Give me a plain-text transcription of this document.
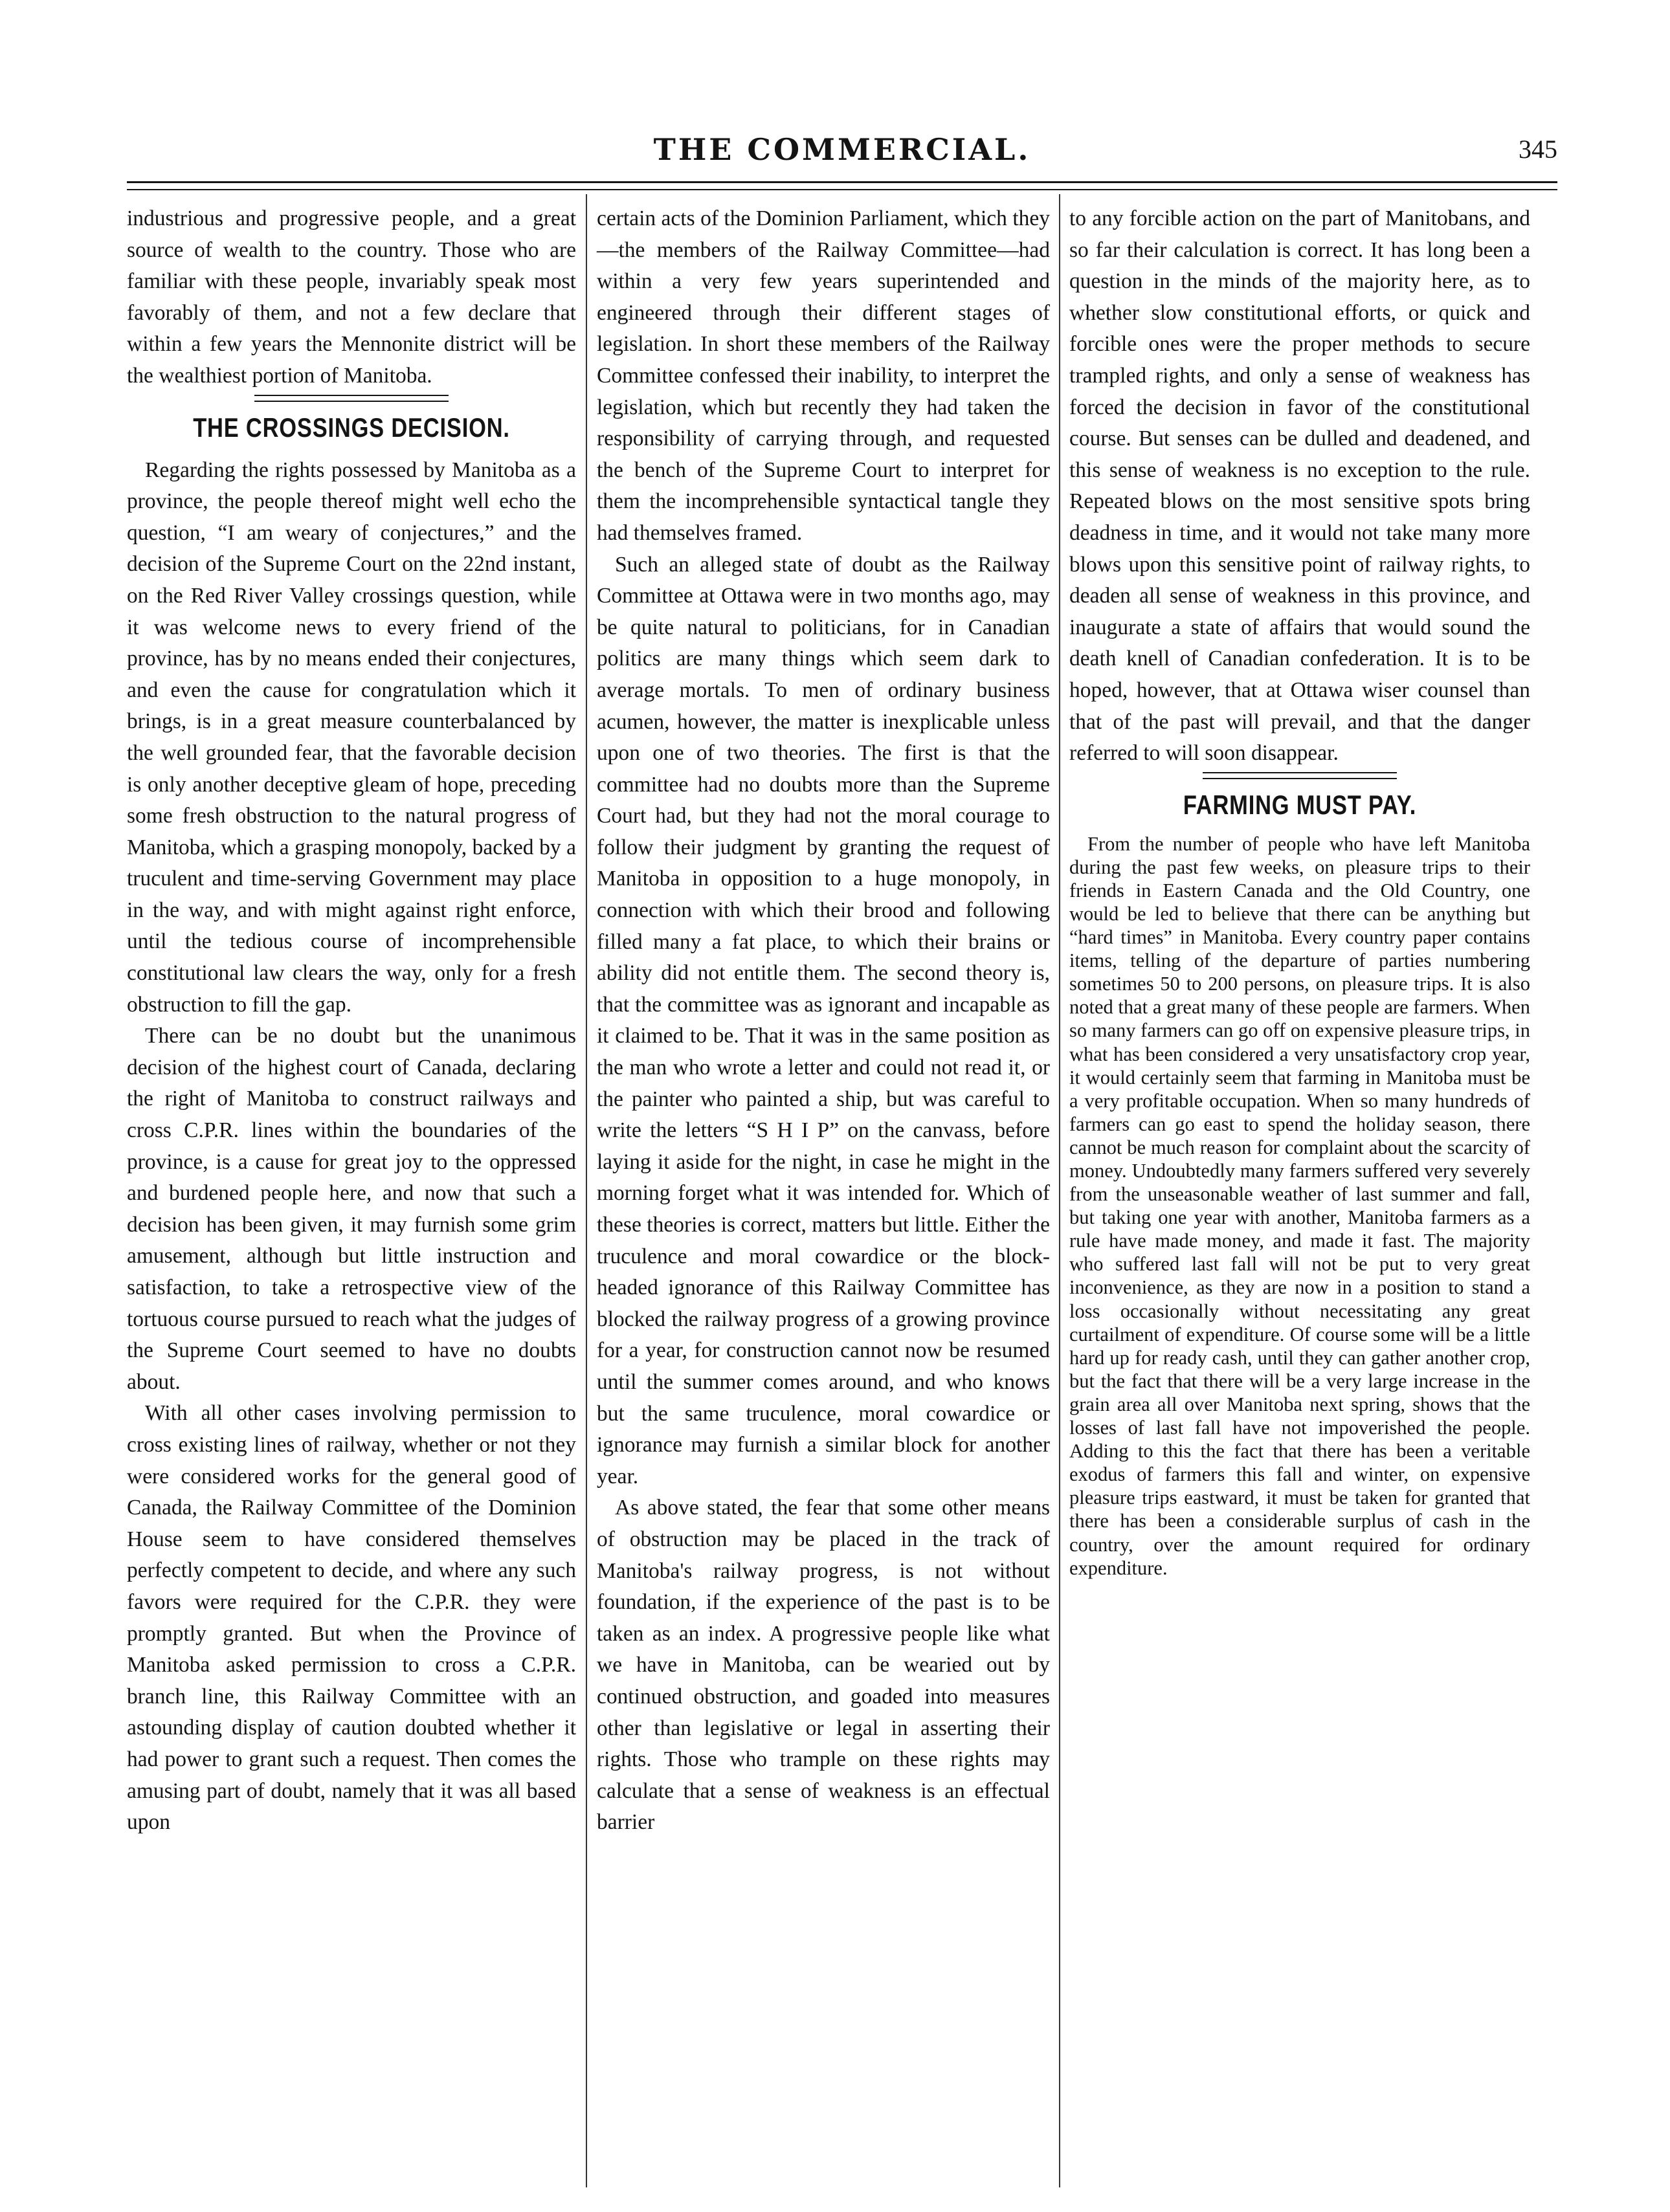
THE COMMERCIAL.	345

industrious and progressive people, and a great source of wealth to the country. Those who are familiar with these people, invariably speak most favorably of them, and not a few declare that within a few years the Mennonite district will be the wealthiest portion of Manitoba.

THE CROSSINGS DECISION.

Regarding the rights possessed by Manitoba as a province, the people thereof might well echo the question, “I am weary of conjectures,” and the decision of the Supreme Court on the 22nd instant, on the Red River Valley crossings question, while it was welcome news to every friend of the province, has by no means ended their conjectures, and even the cause for congratulation which it brings, is in a great measure counterbalanced by the well grounded fear, that the favorable decision is only another deceptive gleam of hope, preceding some fresh obstruction to the natural progress of Manitoba, which a grasping monopoly, backed by a truculent and time-serving Government may place in the way, and with might against right enforce, until the tedious course of incomprehensible constitutional law clears the way, only for a fresh obstruction to fill the gap.

There can be no doubt but the unanimous decision of the highest court of Canada, declaring the right of Manitoba to construct railways and cross C.P.R. lines within the boundaries of the province, is a cause for great joy to the oppressed and burdened people here, and now that such a decision has been given, it may furnish some grim amusement, although but little instruction and satisfaction, to take a retrospective view of the tortuous course pursued to reach what the judges of the Supreme Court seemed to have no doubts about.

With all other cases involving permission to cross existing lines of railway, whether or not they were considered works for the general good of Canada, the Railway Committee of the Dominion House seem to have considered themselves perfectly competent to decide, and where any such favors were required for the C.P.R. they were promptly granted. But when the Province of Manitoba asked permission to cross a C.P.R. branch line, this Railway Committee with an astounding display of caution doubted whether it had power to grant such a request. Then comes the amusing part of doubt, namely that it was all based upon

certain acts of the Dominion Parliament, which they—the members of the Railway Committee—had within a very few years superintended and engineered through their different stages of legislation. In short these members of the Railway Committee confessed their inability, to interpret the legislation, which but recently they had taken the responsibility of carrying through, and requested the bench of the Supreme Court to interpret for them the incomprehensible syntactical tangle they had themselves framed.

Such an alleged state of doubt as the Railway Committee at Ottawa were in two months ago, may be quite natural to politicians, for in Canadian politics are many things which seem dark to average mortals. To men of ordinary business acumen, however, the matter is inexplicable unless upon one of two theories. The first is that the committee had no doubts more than the Supreme Court had, but they had not the moral courage to follow their judgment by granting the request of Manitoba in opposition to a huge monopoly, in connection with which their brood and following filled many a fat place, to which their brains or ability did not entitle them. The second theory is, that the committee was as ignorant and incapable as it claimed to be. That it was in the same position as the man who wrote a letter and could not read it, or the painter who painted a ship, but was careful to write the letters “S H I P” on the canvass, before laying it aside for the night, in case he might in the morning forget what it was intended for. Which of these theories is correct, matters but little. Either the truculence and moral cowardice or the block-headed ignorance of this Railway Committee has blocked the railway progress of a growing province for a year, for construction cannot now be resumed until the summer comes around, and who knows but the same truculence, moral cowardice or ignorance may furnish a similar block for another year.

As above stated, the fear that some other means of obstruction may be placed in the track of Manitoba's railway progress, is not without foundation, if the experience of the past is to be taken as an index. A progressive people like what we have in Manitoba, can be wearied out by continued obstruction, and goaded into measures other than legislative or legal in asserting their rights. Those who trample on these rights may calculate that a sense of weakness is an effectual barrier

to any forcible action on the part of Manitobans, and so far their calculation is correct. It has long been a question in the minds of the majority here, as to whether slow constitutional efforts, or quick and forcible ones were the proper methods to secure trampled rights, and only a sense of weakness has forced the decision in favor of the constitutional course. But senses can be dulled and deadened, and this sense of weakness is no exception to the rule. Repeated blows on the most sensitive spots bring deadness in time, and it would not take many more blows upon this sensitive point of railway rights, to deaden all sense of weakness in this province, and inaugurate a state of affairs that would sound the death knell of Canadian confederation. It is to be hoped, however, that at Ottawa wiser counsel than that of the past will prevail, and that the danger referred to will soon disappear.

FARMING MUST PAY.

From the number of people who have left Manitoba during the past few weeks, on pleasure trips to their friends in Eastern Canada and the Old Country, one would be led to believe that there can be anything but “hard times” in Manitoba. Every country paper contains items, telling of the departure of parties numbering sometimes 50 to 200 persons, on pleasure trips. It is also noted that a great many of these people are farmers. When so many farmers can go off on expensive pleasure trips, in what has been considered a very unsatisfactory crop year, it would certainly seem that farming in Manitoba must be a very profitable occupation. When so many hundreds of farmers can go east to spend the holiday season, there cannot be much reason for complaint about the scarcity of money. Undoubtedly many farmers suffered very severely from the unseasonable weather of last summer and fall, but taking one year with another, Manitoba farmers as a rule have made money, and made it fast. The majority who suffered last fall will not be put to very great inconvenience, as they are now in a position to stand a loss occasionally without necessitating any great curtailment of expenditure. Of course some will be a little hard up for ready cash, until they can gather another crop, but the fact that there will be a very large increase in the grain area all over Manitoba next spring, shows that the losses of last fall have not impoverished the people. Adding to this the fact that there has been a veritable exodus of farmers this fall and winter, on expensive pleasure trips eastward, it must be taken for granted that there has been a considerable surplus of cash in the country, over the amount required for ordinary expenditure.
